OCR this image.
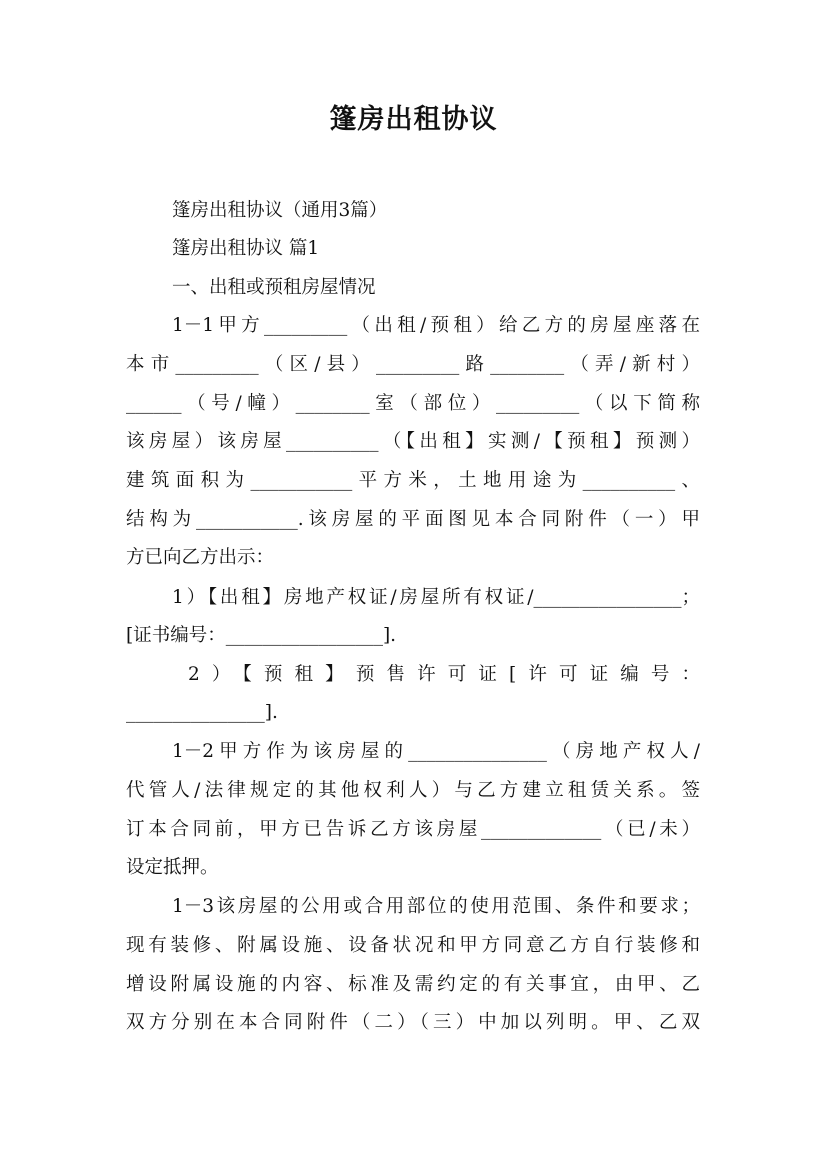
篷房出租协议
篷房出租协议（通用3篇）
篷房出租协议 篇1
一、出租或预租房屋情况
1－1甲方_________（出租/预租）给乙方的房屋座落在
本市_________（区/县）_________路________（弄/新村）
______（号/幢）________室（部位）_________（以下简称
该房屋）该房屋__________（【出租】实测/【预租】预测）
建筑面积为___________平方米，土地用途为__________、
结构为___________.该房屋的平面图见本合同附件（一）甲
方已向乙方出示：
1）【出租】房地产权证/房屋所有权证/________________；
[证书编号：_________________].
2）【预租】预售许可证[许可证编号：
_______________].
1－2甲方作为该房屋的_______________（房地产权人/
代管人/法律规定的其他权利人）与乙方建立租赁关系。签
订本合同前，甲方已告诉乙方该房屋_____________（已/未）
设定抵押。
1－3该房屋的公用或合用部位的使用范围、条件和要求；
现有装修、附属设施、设备状况和甲方同意乙方自行装修和
增设附属设施的内容、标准及需约定的有关事宜，由甲、乙
双方分别在本合同附件（二）（三）中加以列明。甲、乙双
